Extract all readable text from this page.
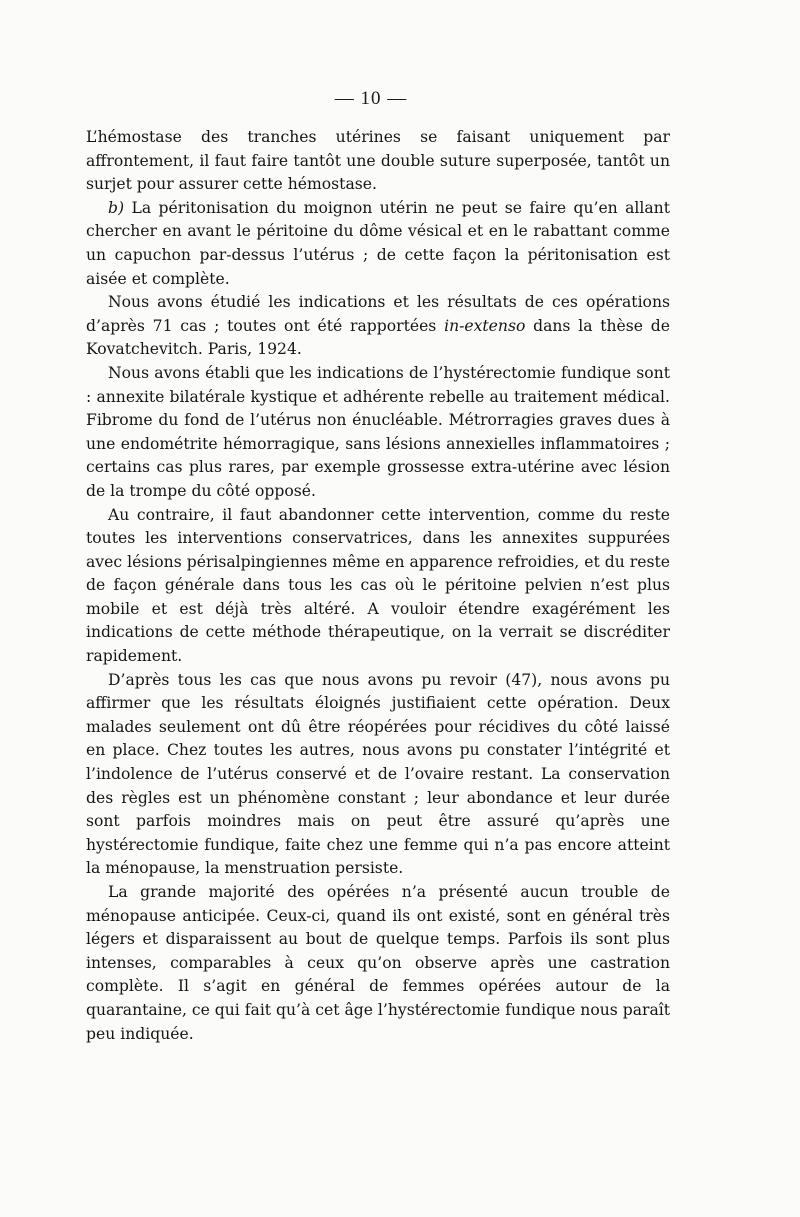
— 10 —

L’hémostase des tranches utérines se faisant uniquement par affrontement, il faut faire tantôt une double suture superposée, tantôt un surjet pour assurer cette hémostase.

b) La péritonisation du moignon utérin ne peut se faire qu’en allant chercher en avant le péritoine du dôme vésical et en le rabattant comme un capuchon par-dessus l’utérus ; de cette façon la péritonisation est aisée et complète.

Nous avons étudié les indications et les résultats de ces opérations d’après 71 cas ; toutes ont été rapportées in-extenso dans la thèse de Kovatchevitch. Paris, 1924.

Nous avons établi que les indications de l’hystérectomie fundique sont : annexite bilatérale kystique et adhérente rebelle au traitement médical. Fibrome du fond de l’utérus non énucléable. Métrorragies graves dues à une endométrite hémorragique, sans lésions annexielles inflammatoires ; certains cas plus rares, par exemple grossesse extra-utérine avec lésion de la trompe du côté opposé.

Au contraire, il faut abandonner cette intervention, comme du reste toutes les interventions conservatrices, dans les annexites suppurées avec lésions périsalpingiennes même en apparence refroidies, et du reste de façon générale dans tous les cas où le péritoine pelvien n’est plus mobile et est déjà très altéré. A vouloir étendre exagérément les indications de cette méthode thérapeutique, on la verrait se discréditer rapidement.

D’après tous les cas que nous avons pu revoir (47), nous avons pu affirmer que les résultats éloignés justifiaient cette opération. Deux malades seulement ont dû être réopérées pour récidives du côté laissé en place. Chez toutes les autres, nous avons pu constater l’intégrité et l’indolence de l’utérus conservé et de l’ovaire restant. La conservation des règles est un phénomène constant ; leur abondance et leur durée sont parfois moindres mais on peut être assuré qu’après une hystérectomie fundique, faite chez une femme qui n’a pas encore atteint la ménopause, la menstruation persiste.

La grande majorité des opérées n’a présenté aucun trouble de ménopause anticipée. Ceux-ci, quand ils ont existé, sont en général très légers et disparaissent au bout de quelque temps. Parfois ils sont plus intenses, comparables à ceux qu’on observe après une castration complète. Il s’agit en général de femmes opérées autour de la quarantaine, ce qui fait qu’à cet âge l’hystérectomie fundique nous paraît peu indiquée.
